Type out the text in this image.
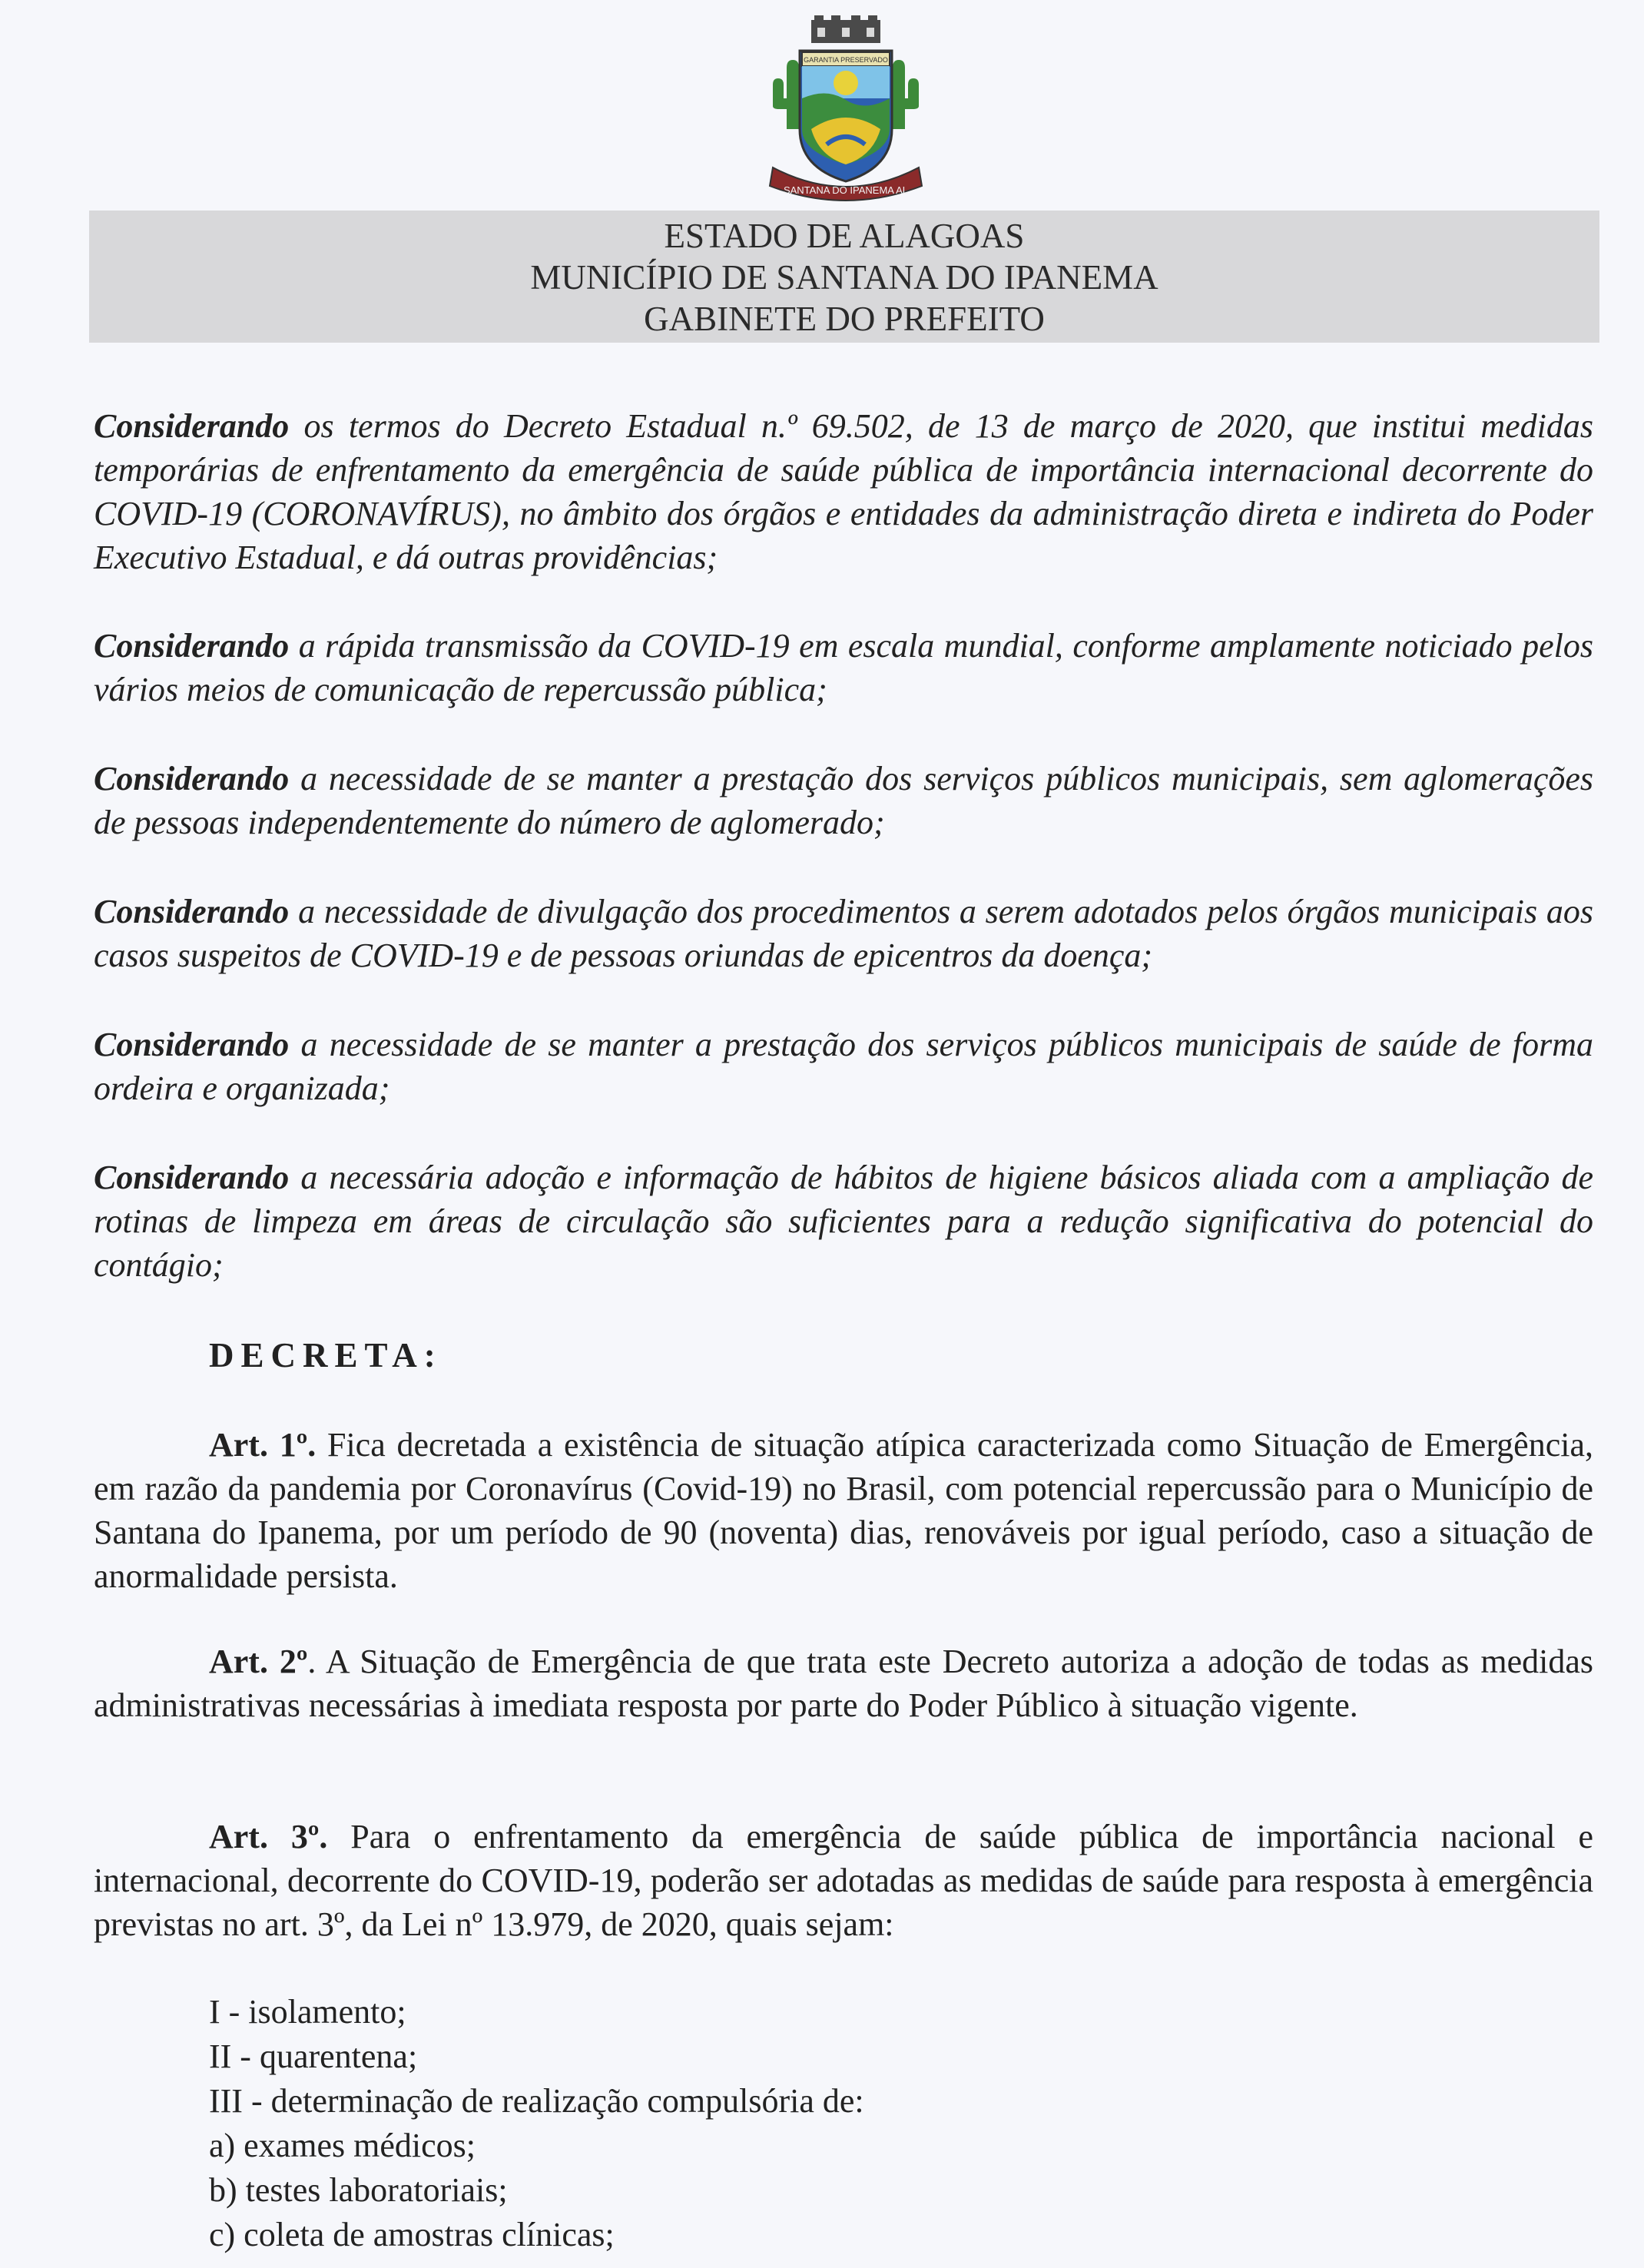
SANTANA DO IPANEMA AL
GARANTIA PRESERVADO
ESTADO DE ALAGOAS
MUNICÍPIO DE SANTANA DO IPANEMA
GABINETE DO PREFEITO

Considerando os termos do Decreto Estadual n.º 69.502, de 13 de março de 2020, que institui medidas temporárias de enfrentamento da emergência de saúde pública de importância internacional decorrente do COVID-19 (CORONAVÍRUS), no âmbito dos órgãos e entidades da administração direta e indireta do Poder Executivo Estadual, e dá outras providências;

Considerando a rápida transmissão da COVID-19 em escala mundial, conforme amplamente noticiado pelos vários meios de comunicação de repercussão pública;

Considerando a necessidade de se manter a prestação dos serviços públicos municipais, sem aglomerações de pessoas independentemente do número de aglomerado;

Considerando a necessidade de divulgação dos procedimentos a serem adotados pelos órgãos municipais aos casos suspeitos de COVID-19 e de pessoas oriundas de epicentros da doença;

Considerando a necessidade de se manter a prestação dos serviços públicos municipais de saúde de forma ordeira e organizada;

Considerando a necessária adoção e informação de hábitos de higiene básicos aliada com a ampliação de rotinas de limpeza em áreas de circulação são suficientes para a redução significativa do potencial do contágio;

DECRETA:

Art. 1º. Fica decretada a existência de situação atípica caracterizada como Situação de Emergência, em razão da pandemia por Coronavírus (Covid-19) no Brasil, com potencial repercussão para o Município de Santana do Ipanema, por um período de 90 (noventa) dias, renováveis por igual período, caso a situação de anormalidade persista.

Art. 2º. A Situação de Emergência de que trata este Decreto autoriza a adoção de todas as medidas administrativas necessárias à imediata resposta por parte do Poder Público à situação vigente.

Art. 3º. Para o enfrentamento da emergência de saúde pública de importância nacional e internacional, decorrente do COVID-19, poderão ser adotadas as medidas de saúde para resposta à emergência previstas no art. 3º, da Lei nº 13.979, de 2020, quais sejam:

I - isolamento;
II - quarentena;
III - determinação de realização compulsória de:
a) exames médicos;
b) testes laboratoriais;
c) coleta de amostras clínicas;
